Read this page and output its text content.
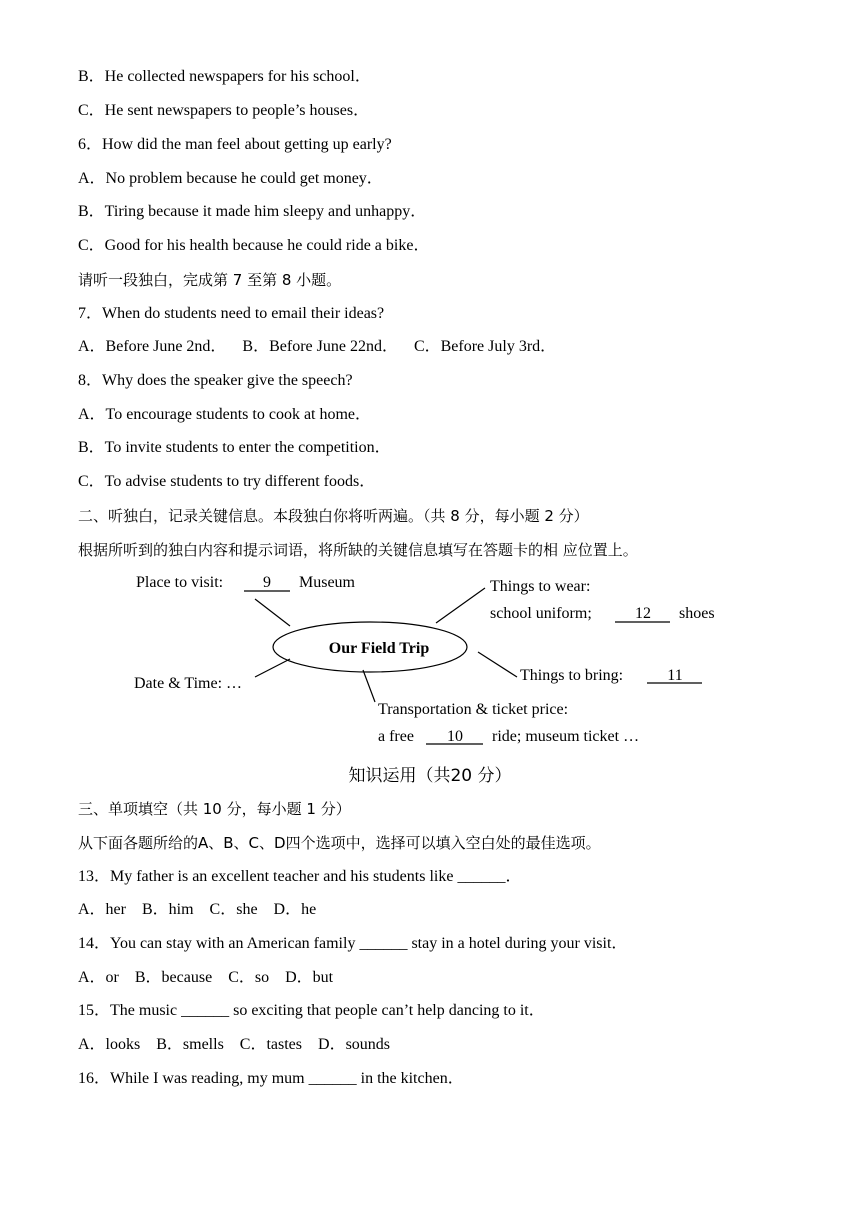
B．He collected newspapers for his school．
C．He sent newspapers to people’s houses．
6．How did the man feel about getting up early?
A．No problem because he could get money．
B．Tiring because it made him sleepy and unhappy．
C．Good for his health because he could ride a bike．
请听一段独白，完成第 7 至第 8 小题。
7．When do students need to email their ideas?
A．Before June 2nd．    B．Before June 22nd．    C．Before July 3rd．
8．Why does the speaker give the speech?
A．To encourage students to cook at home．
B．To invite students to enter the competition．
C．To advise students to try different foods．
二、听独白，记录关键信息。本段独白你将听两遍。（共 8 分，每小题 2 分）
根据所听到的独白内容和提示词语，将所缺的关键信息填写在答题卡的相 应位置上。
Our Field Trip
Place to visit: 9 Museum	Things to wear:
school uniform;	12 shoes
Things to bring:	11
Date & Time: …
Transportation & ticket price:
a free 10 ride; museum ticket …
知识运用（共20 分）
三、单项填空（共 10 分，每小题 1 分）
从下面各题所给的A、B、C、D四个选项中，选择可以填入空白处的最佳选项。
13．My father is an excellent teacher and his students like ______．
A．her    B．him    C．she    D．he
14．You can stay with an American family ______ stay in a hotel during your visit．
A．or    B．because    C．so    D．but
15．The music ______ so exciting that people can’t help dancing to it．
A．looks    B．smells    C．tastes    D．sounds
16．While I was reading, my mum ______ in the kitchen．
